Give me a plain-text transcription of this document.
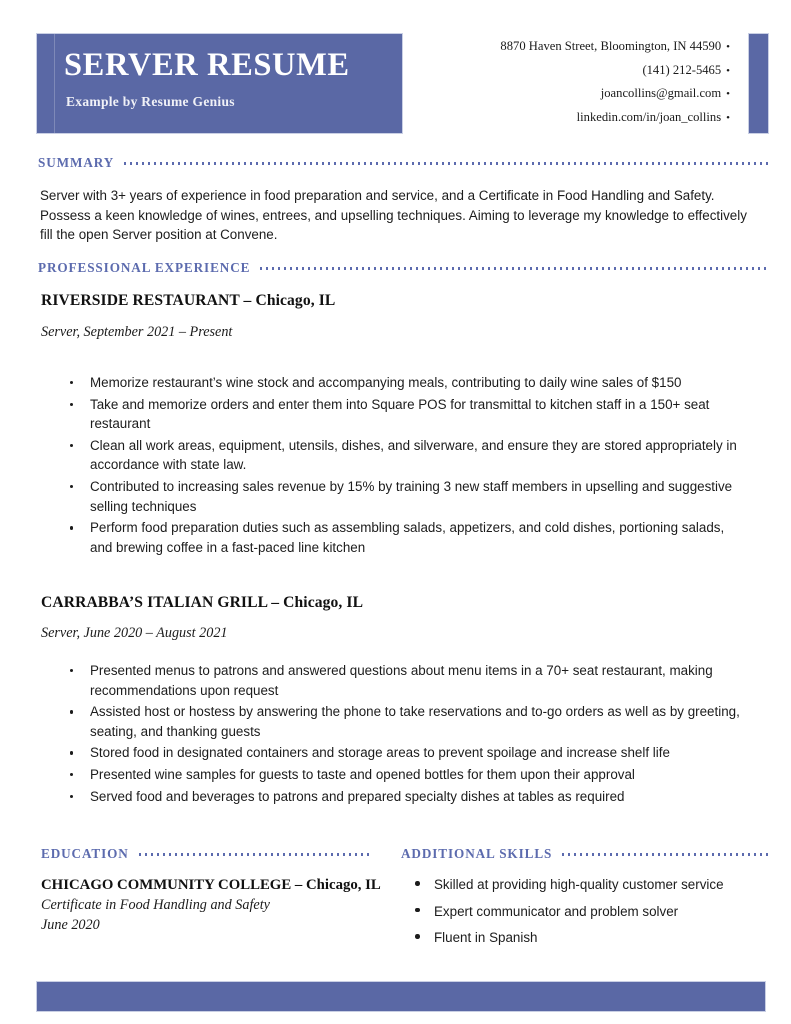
SERVER RESUME
Example by Resume Genius
8870 Haven Street, Bloomington, IN 44590 •
(141) 212-5465 •
joancollins@gmail.com •
linkedin.com/in/joan_collins •
SUMMARY
Server with 3+ years of experience in food preparation and service, and a Certificate in Food Handling and Safety. Possess a keen knowledge of wines, entrees, and upselling techniques. Aiming to leverage my knowledge to effectively fill the open Server position at Convene.
PROFESSIONAL EXPERIENCE
RIVERSIDE RESTAURANT – Chicago, IL
Server, September 2021 – Present
Memorize restaurant’s wine stock and accompanying meals, contributing to daily wine sales of $150
Take and memorize orders and enter them into Square POS for transmittal to kitchen staff in a 150+ seat restaurant
Clean all work areas, equipment, utensils, dishes, and silverware, and ensure they are stored appropriately in accordance with state law.
Contributed to increasing sales revenue by 15% by training 3 new staff members in upselling and suggestive selling techniques
Perform food preparation duties such as assembling salads, appetizers, and cold dishes, portioning salads, and brewing coffee in a fast-paced line kitchen
CARRABBA’S ITALIAN GRILL – Chicago, IL
Server, June 2020 – August 2021
Presented menus to patrons and answered questions about menu items in a 70+ seat restaurant, making recommendations upon request
Assisted host or hostess by answering the phone to take reservations and to-go orders as well as by greeting, seating, and thanking guests
Stored food in designated containers and storage areas to prevent spoilage and increase shelf life
Presented wine samples for guests to taste and opened bottles for them upon their approval
Served food and beverages to patrons and prepared specialty dishes at tables as required
EDUCATION
CHICAGO COMMUNITY COLLEGE – Chicago, IL
Certificate in Food Handling and Safety
June 2020
ADDITIONAL SKILLS
Skilled at providing high-quality customer service
Expert communicator and problem solver
Fluent in Spanish
